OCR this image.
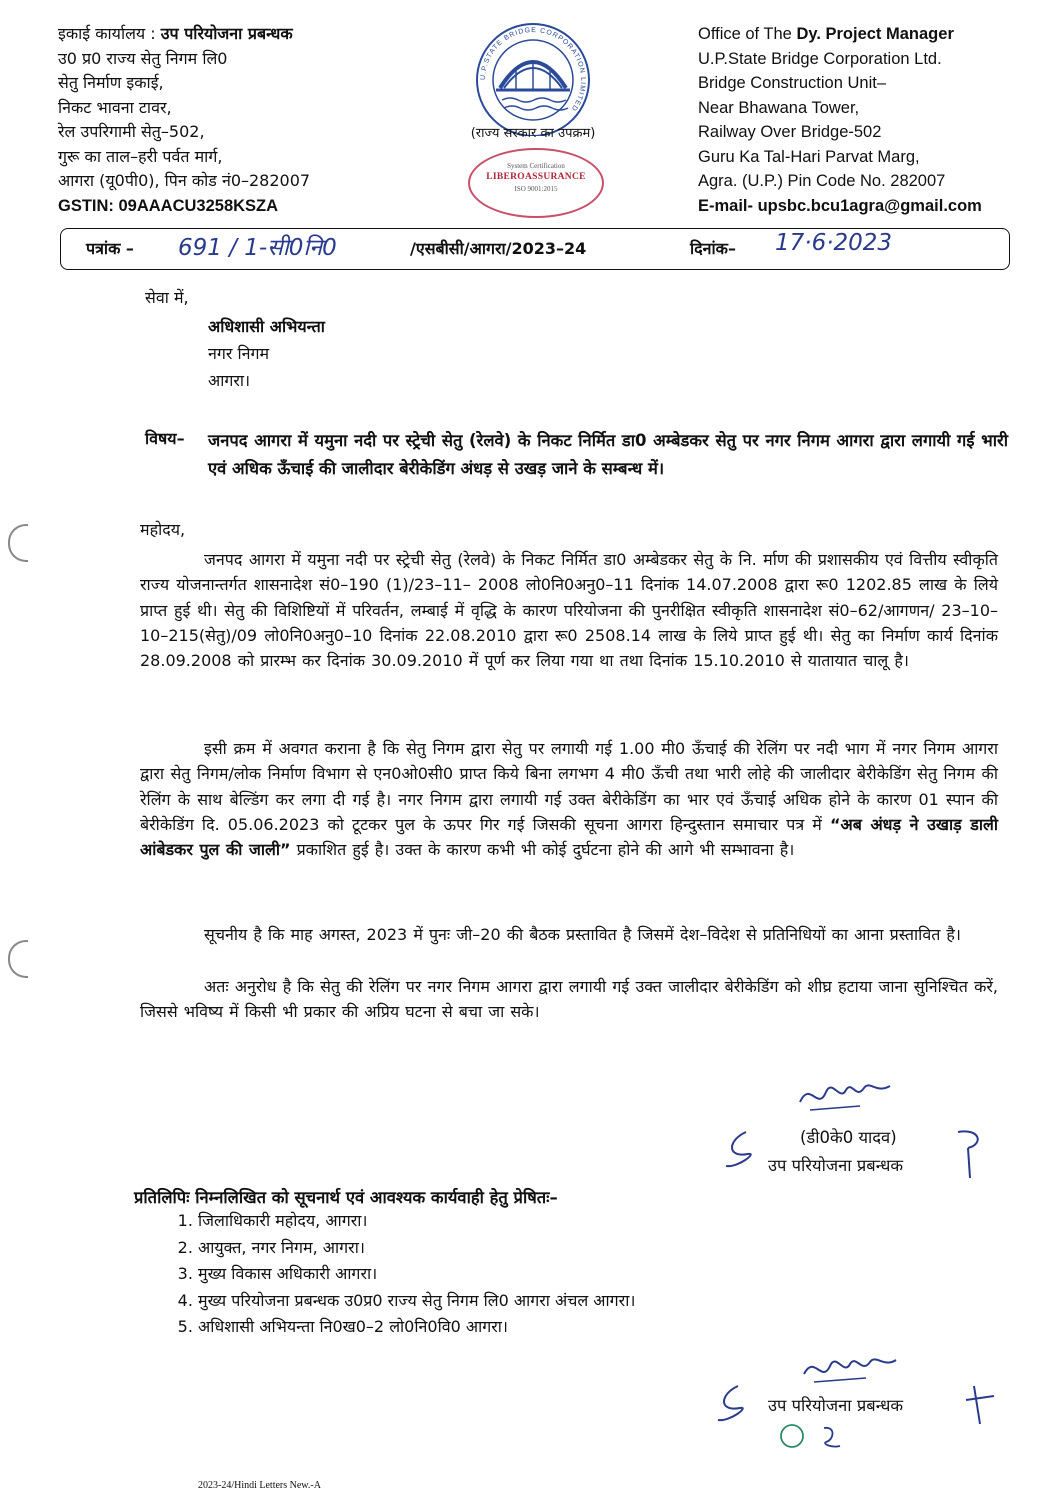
इकाई कार्यालय : उप परियोजना प्रबन्धक
उ0 प्र0 राज्य सेतु निगम लि0
सेतु निर्माण इकाई,
निकट भावना टावर,
रेल उपरिगामी सेतु–502,
गुरू का ताल–हरी पर्वत मार्ग,
आगरा (यू0पी0), पिन कोड नं0–282007
GSTIN: 09AAACU3258KSZA
U.P.STATE BRIDGE CORPORATION LIMITED
(राज्य सरकार का उपक्रम)
System Certification
LIBEROASSURANCE
ISO 9001:2015
Office of The Dy. Project Manager
U.P.State Bridge Corporation Ltd.
Bridge Construction Unit–
Near Bhawana Tower,
Railway Over Bridge-502
Guru Ka Tal-Hari Parvat Marg,
Agra. (U.P.) Pin Code No. 282007
E-mail- upsbc.bcu1agra@gmail.com
पत्रांक – 691 / 1-सी0नि0	/एसबीसी/आगरा/2023–24	दिनांक– 17·6·2023
सेवा में,
अधिशासी अभियन्ता
नगर निगम
आगरा।
विषय– जनपद आगरा में यमुना नदी पर स्ट्रेची सेतु (रेलवे) के निकट निर्मित डा0 अम्बेडकर सेतु पर नगर निगम आगरा द्वारा लगायी गई भारी एवं अधिक ऊँचाई की जालीदार बेरीकेडिंग अंधड़ से उखड़ जाने के सम्बन्ध में।
महोदय,
जनपद आगरा में यमुना नदी पर स्ट्रेची सेतु (रेलवे) के निकट निर्मित डा0 अम्बेडकर सेतु के नि. र्माण की प्रशासकीय एवं वित्तीय स्वीकृति राज्य योजनान्तर्गत शासनादेश सं0–190 (1)/23–11– 2008 लो0नि0अनु0–11 दिनांक 14.07.2008 द्वारा रू0 1202.85 लाख के लिये प्राप्त हुई थी। सेतु की विशिष्टियों में परिवर्तन, लम्बाई में वृद्धि के कारण परियोजना की पुनरीक्षित स्वीकृति शासनादेश सं0–62/आगणन/ 23–10–10–215(सेतु)/09 लो0नि0अनु0–10 दिनांक 22.08.2010 द्वारा रू0 2508.14 लाख के लिये प्राप्त हुई थी। सेतु का निर्माण कार्य दिनांक 28.09.2008 को प्रारम्भ कर दिनांक 30.09.2010 में पूर्ण कर लिया गया था तथा दिनांक 15.10.2010 से यातायात चालू है।
इसी क्रम में अवगत कराना है कि सेतु निगम द्वारा सेतु पर लगायी गई 1.00 मी0 ऊँचाई की रेलिंग पर नदी भाग में नगर निगम आगरा द्वारा सेतु निगम/लोक निर्माण विभाग से एन0ओ0सी0 प्राप्त किये बिना लगभग 4 मी0 ऊँची तथा भारी लोहे की जालीदार बेरीकेडिंग सेतु निगम की रेलिंग के साथ बेल्डिंग कर लगा दी गई है। नगर निगम द्वारा लगायी गई उक्त बेरीकेडिंग का भार एवं ऊँचाई अधिक होने के कारण 01 स्पान की बेरीकेडिंग दि. 05.06.2023 को टूटकर पुल के ऊपर गिर गई जिसकी सूचना आगरा हिन्दुस्तान समाचार पत्र में “अब अंधड़ ने उखाड़ डाली आंबेडकर पुल की जाली” प्रकाशित हुई है। उक्त के कारण कभी भी कोई दुर्घटना होने की आगे भी सम्भावना है।
सूचनीय है कि माह अगस्त, 2023 में पुनः जी–20 की बैठक प्रस्तावित है जिसमें देश–विदेश से प्रतिनिधियों का आना प्रस्तावित है।
अतः अनुरोध है कि सेतु की रेलिंग पर नगर निगम आगरा द्वारा लगायी गई उक्त जालीदार बेरीकेडिंग को शीघ्र हटाया जाना सुनिश्चित करें, जिससे भविष्य में किसी भी प्रकार की अप्रिय घटना से बचा जा सके।
(डी0के0 यादव)
उप परियोजना प्रबन्धक
प्रतिलिपिः निम्नलिखित को सूचनार्थ एवं आवश्यक कार्यवाही हेतु प्रेषितः–
1. जिलाधिकारी महोदय, आगरा।
2. आयुक्त, नगर निगम, आगरा।
3. मुख्य विकास अधिकारी आगरा।
4. मुख्य परियोजना प्रबन्धक उ0प्र0 राज्य सेतु निगम लि0 आगरा अंचल आगरा।
5. अधिशासी अभियन्ता नि0ख0–2 लो0नि0वि0 आगरा।
उप परियोजना प्रबन्धक
2023-24/Hindi Letters New.-A
